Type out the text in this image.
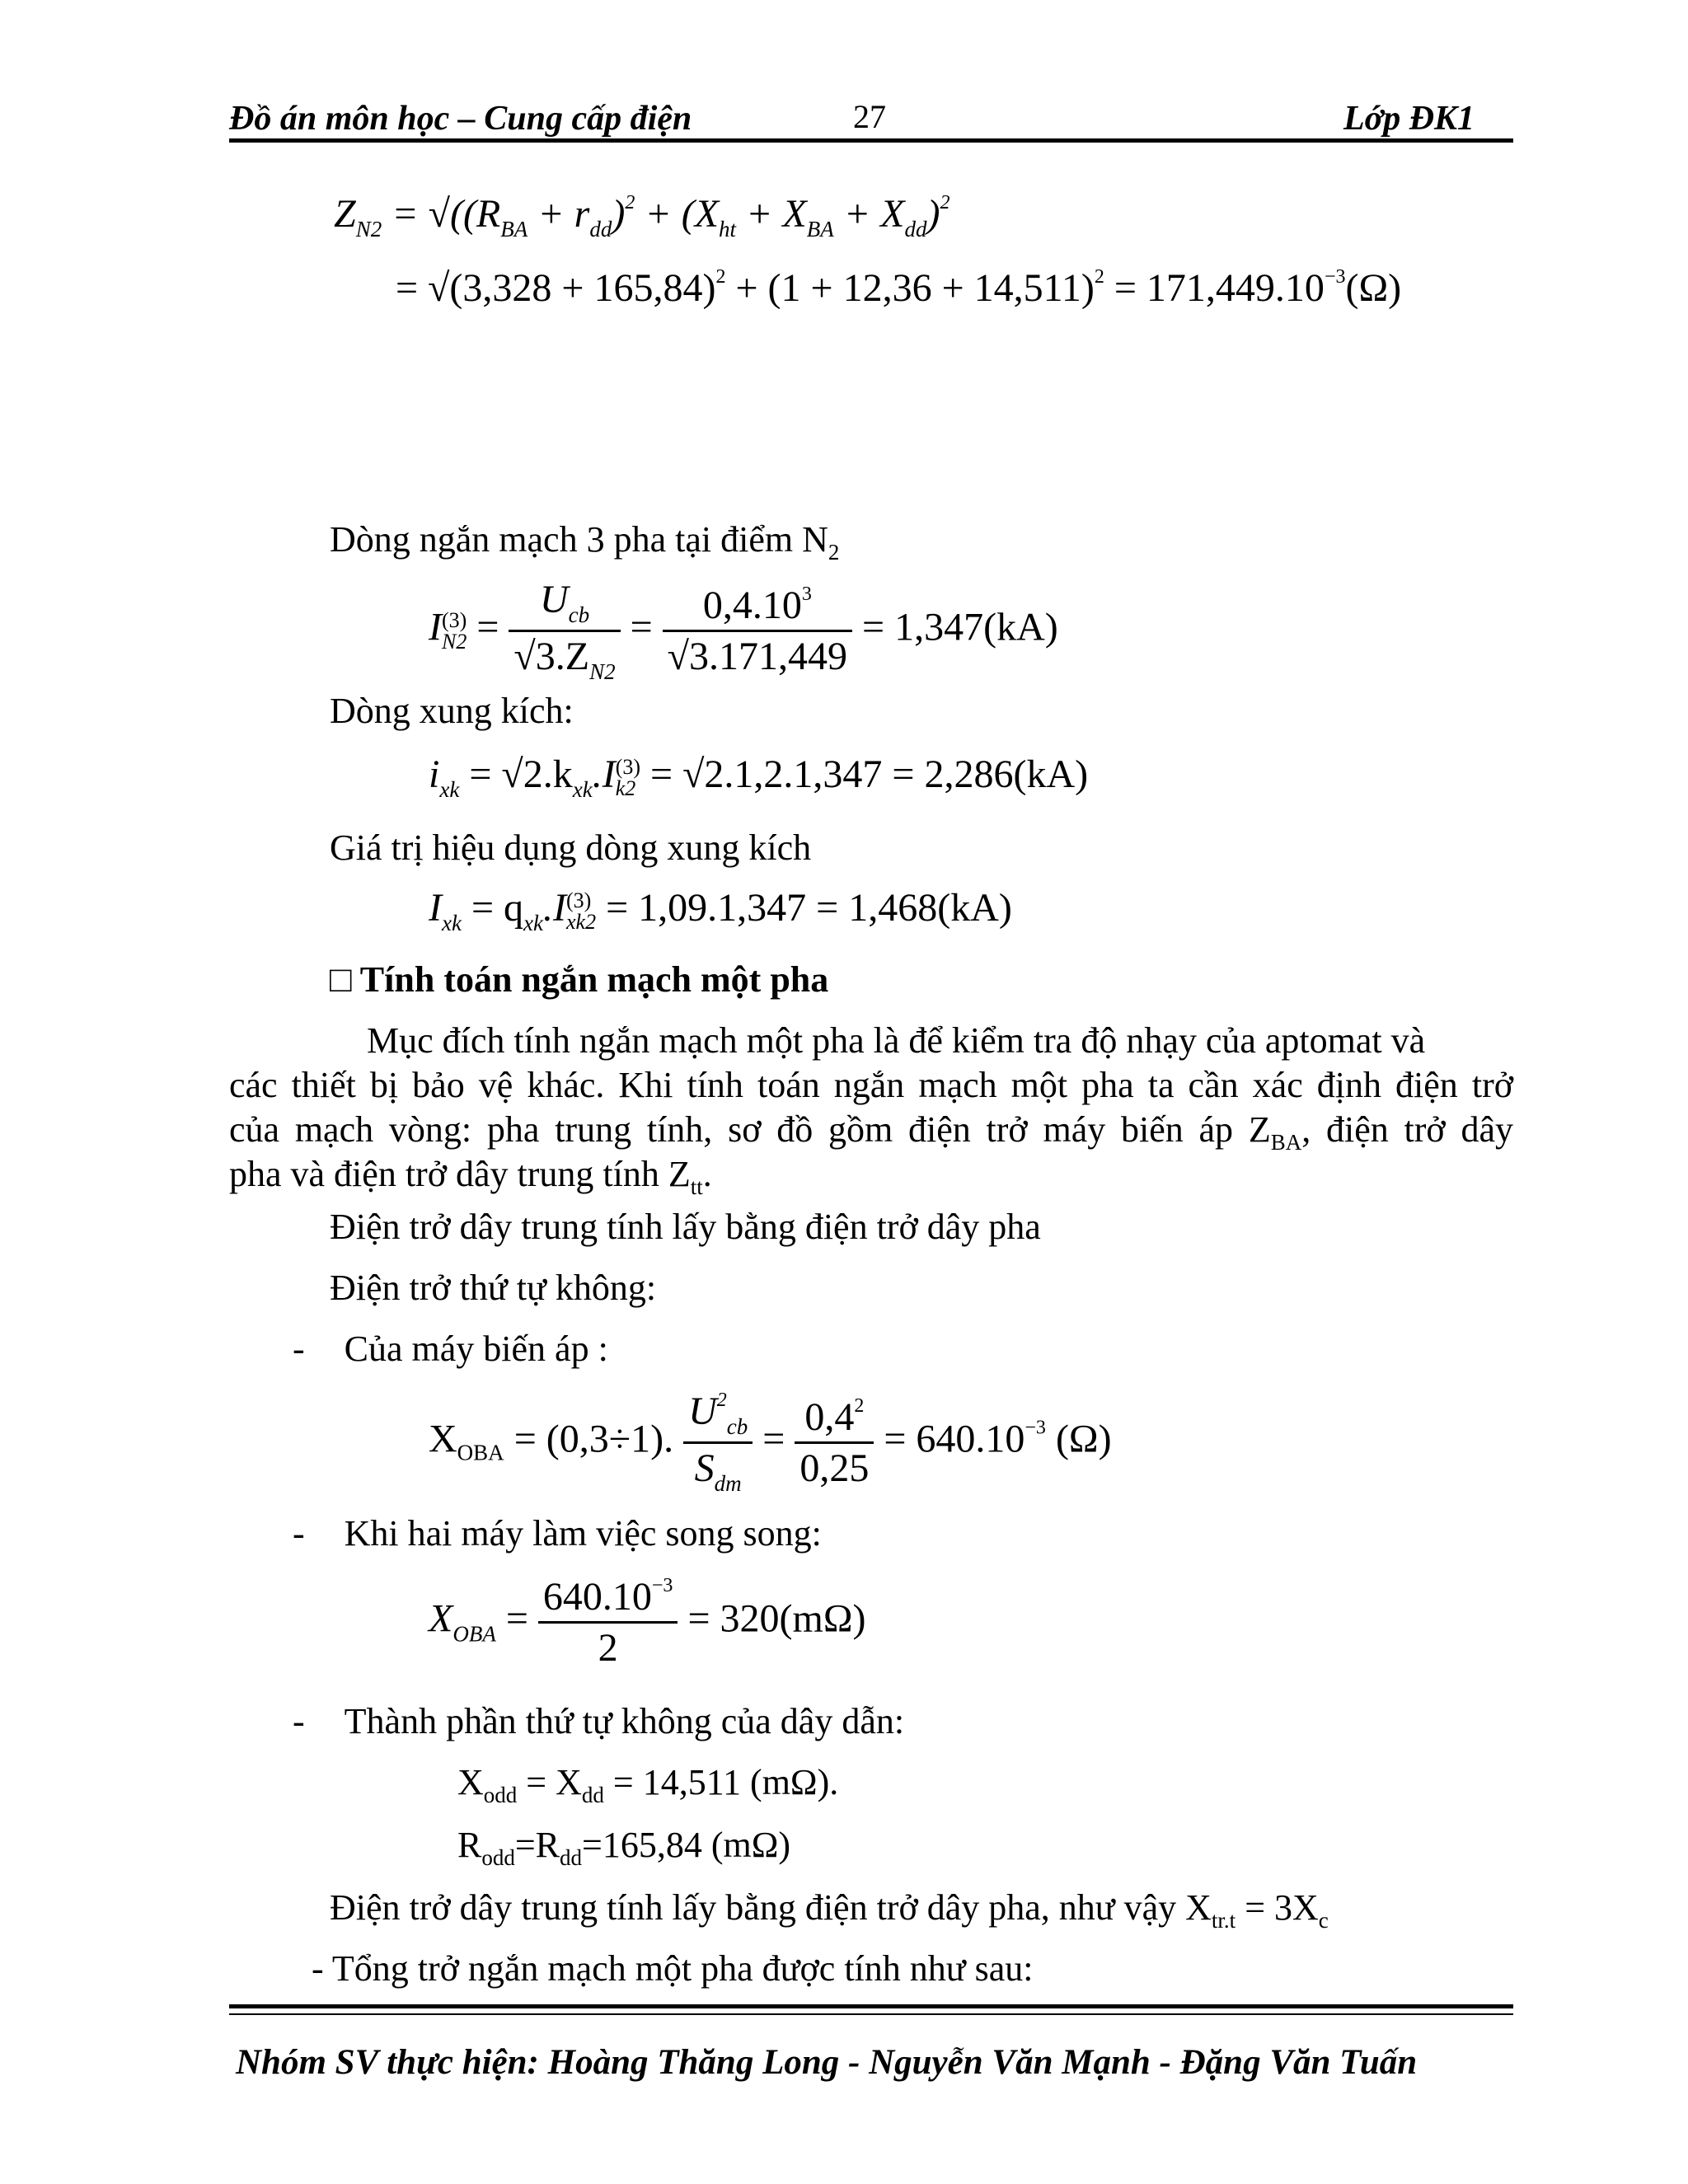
Đồ án môn học – Cung cấp điện	27	Lớp ĐK1
$Z_{N2} = √((R_{BA} + r_{dd})^2 + (X_{ht} + X_{BA} + X_{dd})^2$
= $√(3,328 + 165,84)^2 + (1 + 12,36 + 14,511)^2 = 171,449.10^{-3}(\Omega)$
Dòng ngắn mạch 3 pha tại điểm $N_2$
I (3)
$N2 = \frac{U_{cb}}{√3.Z_{N2}} = \frac{0,4.10^3}{√3.171,449} = 1,347(kA)$
Dòng xung kích:
$i_{xk} = √2.k_{xk}.I$ (3)
k2 = √2.1,2.1,347 = 2,286(kA)
Giá trị hiệu dụng dòng xung kích
$I_{xk} = q_{xk}.I$ (3)
xk2 = 1,09.1,347 = 1,468(kA)
□ Tính toán ngắn mạch một pha
Mục đích tính ngắn mạch một pha là để kiểm tra độ nhạy của aptomat và
các thiết bị bảo vệ khác. Khi tính toán ngắn mạch một pha ta cần xác định điện trở
của mạch vòng: pha trung tính, sơ đồ gồm điện trở máy biến áp $Z_{BA}$, điện trở dây
pha và điện trở dây trung tính $Z_{tt}$.
Điện trở dây trung tính lấy bằng điện trở dây pha
Điện trở thứ tự không:
- Của máy biến áp :
$X_{OBA} = (0,3\div 1)$. $\frac{U^2_{cb}}{S_{dm}} = \frac{0,4^2}{0,25} = 640.10^{-3}$ (Ω)
- Khi hai máy làm việc song song:
$X_{OBA} = \frac{640.10^{-3}}{2} = 320(m\Omega)$
- Thành phần thứ tự không của dây dẫn:
$X_{odd} = X_{dd} = 14,511$ (mΩ).
$R_{odd}=R_{dd}=165,84$ (mΩ)
Điện trở dây trung tính lấy bằng điện trở dây pha, như vậy $X_{tr.t} = 3X_c$
- Tổng trở ngắn mạch một pha được tính như sau:
Nhóm SV thực hiện: Hoàng Thăng Long - Nguyễn Văn Mạnh - Đặng Văn Tuấn
